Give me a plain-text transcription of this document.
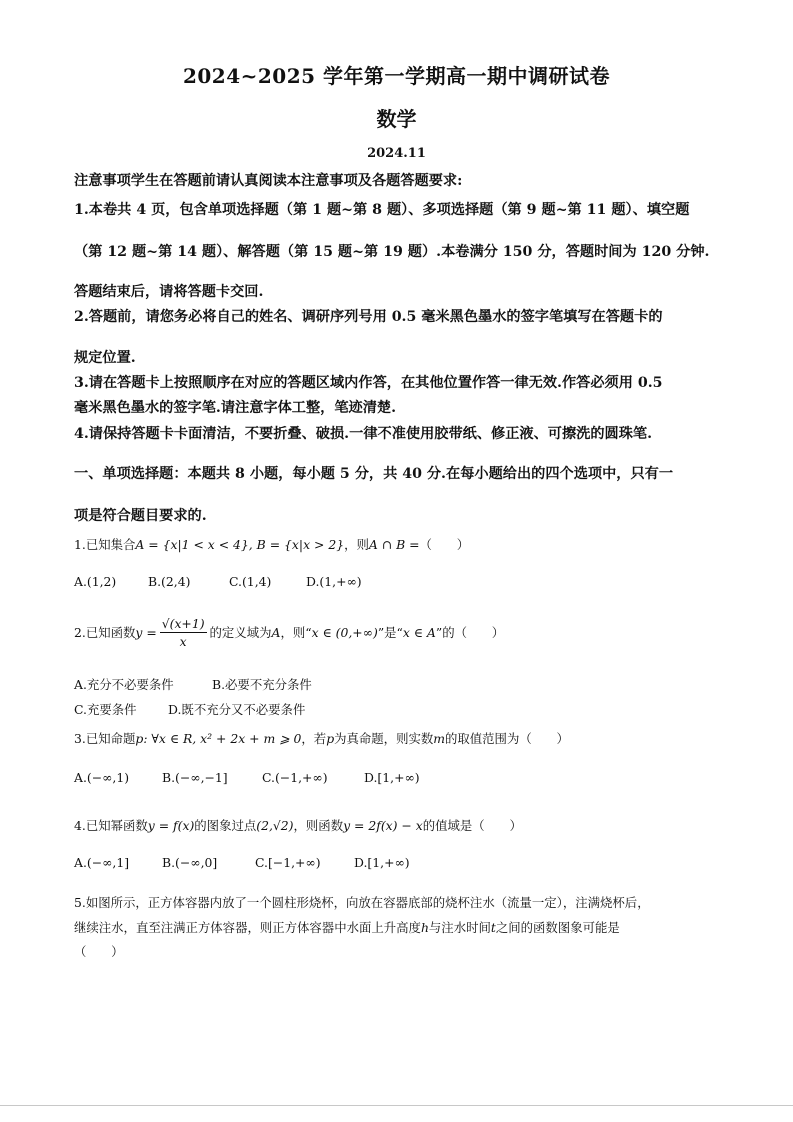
2024~2025 学年第一学期高一期中调研试卷
数学
2024.11
注意事项学生在答题前请认真阅读本注意事项及各题答题要求:
1.本卷共 4 页，包含单项选择题（第 1 题~第 8 题）、多项选择题（第 9 题~第 11 题）、填空题
（第 12 题~第 14 题）、解答题（第 15 题~第 19 题）.本卷满分 150 分，答题时间为 120 分钟.
答题结束后，请将答题卡交回.
2.答题前，请您务必将自己的姓名、调研序列号用 0.5 毫米黑色墨水的签字笔填写在答题卡的
规定位置.
3.请在答题卡上按照顺序在对应的答题区域内作答，在其他位置作答一律无效.作答必须用 0.5
毫米黑色墨水的签字笔.请注意字体工整，笔迹清楚.
4.请保持答题卡卡面清洁，不要折叠、破损.一律不准使用胶带纸、修正液、可擦洗的圆珠笔.
一、单项选择题：本题共 8 小题，每小题 5 分，共 40 分.在每小题给出的四个选项中，只有一
项是符合题目要求的.
1.已知集合A = {x|1 < x < 4}, B = {x|x > 2}，则A ∩ B =（　　）
A.(1,2)	B.(2,4)	C.(1,4)	D.(1,+∞)
2.已知函数$y = \frac{√(x+1)}{x}$ 的定义域为A，则“x ∈ (0,+∞)”是“x ∈ A”的（　　）
A.充分不必要条件	B.必要不充分条件
C.充要条件	D.既不充分又不必要条件
3.已知命题p: ∀x ∈ R, x² + 2x + m ⩾ 0，若p为真命题，则实数m的取值范围为（　　）
A.(−∞,1)	B.(−∞,−1]	C.(−1,+∞)	D.[1,+∞)
4.已知幂函数y = f(x)的图象过点(2,√2)，则函数y = 2f(x) − x的值域是（　　）
A.(−∞,1]	B.(−∞,0]	C.[−1,+∞)	D.[1,+∞)
5.如图所示，正方体容器内放了一个圆柱形烧杯，向放在容器底部的烧杯注水（流量一定），注满烧杯后，
继续注水，直至注满正方体容器，则正方体容器中水面上升高度h与注水时间t之间的函数图象可能是
（　　）
